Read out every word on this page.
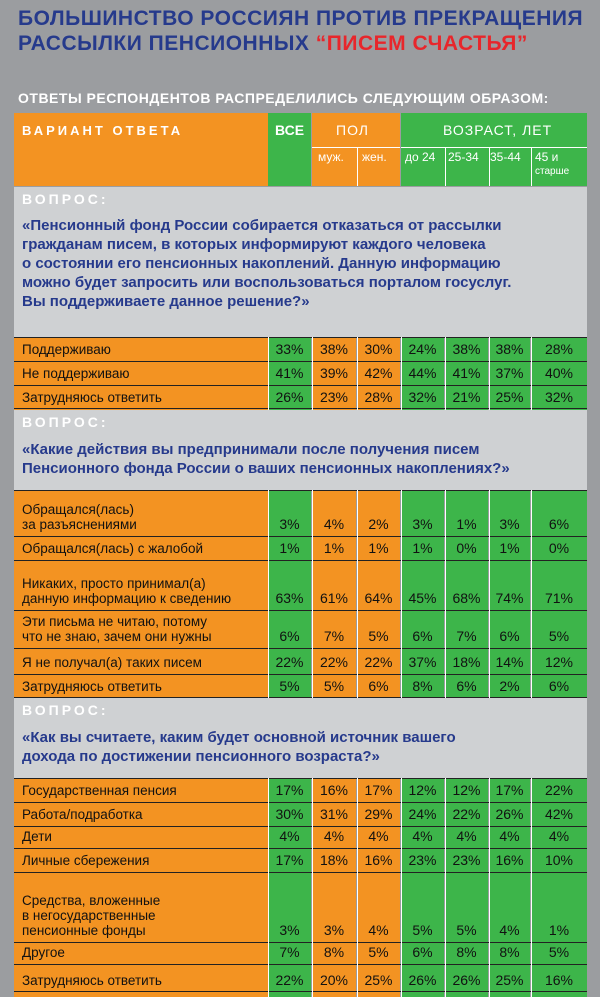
БОЛЬШИНСТВО РОССИЯН ПРОТИВ ПРЕКРАЩЕНИЯ
РАССЫЛКИ ПЕНСИОННЫХ “ПИСЕМ СЧАСТЬЯ”
ОТВЕТЫ РЕСПОНДЕНТОВ РАСПРЕДЕЛИЛИСЬ СЛЕДУЮЩИМ ОБРАЗОМ:
ВАРИАНТ ОТВЕТА	ВСЕ ПОЛ	ВОЗРАСТ, ЛЕТ
муж. жен. до 24 25-34 35-44 45 и
старше
ВОПРОС:
«Пенсионный фонд России собирается отказаться от рассылки
гражданам писем, в которых информируют каждого человека
о состоянии его пенсионных накоплений. Данную информацию
можно будет запросить или воспользоваться порталом госуслуг.
Вы поддерживаете данное решение?»
Поддерживаю	33% 38% 30% 24% 38% 38% 28%
Не поддерживаю	41% 39% 42% 44% 41% 37% 40%
Затрудняюсь ответить	26% 23% 28% 32% 21% 25% 32%
ВОПРОС:
«Какие действия вы предпринимали после получения писем
Пенсионного фонда России о ваших пенсионных накоплениях?»
Обращался(лась)
за разъяснениями	3%	4%	2%	3%	1%	3%	6%
Обращался(лась) с жалобой	1%	1%	1%	1%	0%	1%	0%
Никаких, просто принимал(а)
данную информацию к сведению	63% 61% 64% 45% 68% 74% 71%
Эти письма не читаю, потому
что не знаю, зачем они нужны	6%	7%	5%	6%	7%	6%	5%
Я не получал(а) таких писем	22% 22% 22% 37% 18% 14% 12%
Затрудняюсь ответить	5%	5%	6%	8%	6%	2%	6%
ВОПРОС:
«Как вы считаете, каким будет основной источник вашего
дохода по достижении пенсионного возраста?»
Государственная пенсия	17% 16% 17% 12% 12% 17% 22%
Работа/подработка	30% 31% 29% 24% 22% 26% 42%
Дети	4%	4%	4%	4%	4%	4%	4%
Личные сбережения	17% 18% 16% 23% 23% 16% 10%
Средства, вложенные
в негосударственные
пенсионные фонды	3%	3%	4%	5%	5%	4%	1%
Другое	7%	8%	5%	6%	8%	8%	5%
Затрудняюсь ответить	22% 20% 25% 26% 26% 25% 16%
